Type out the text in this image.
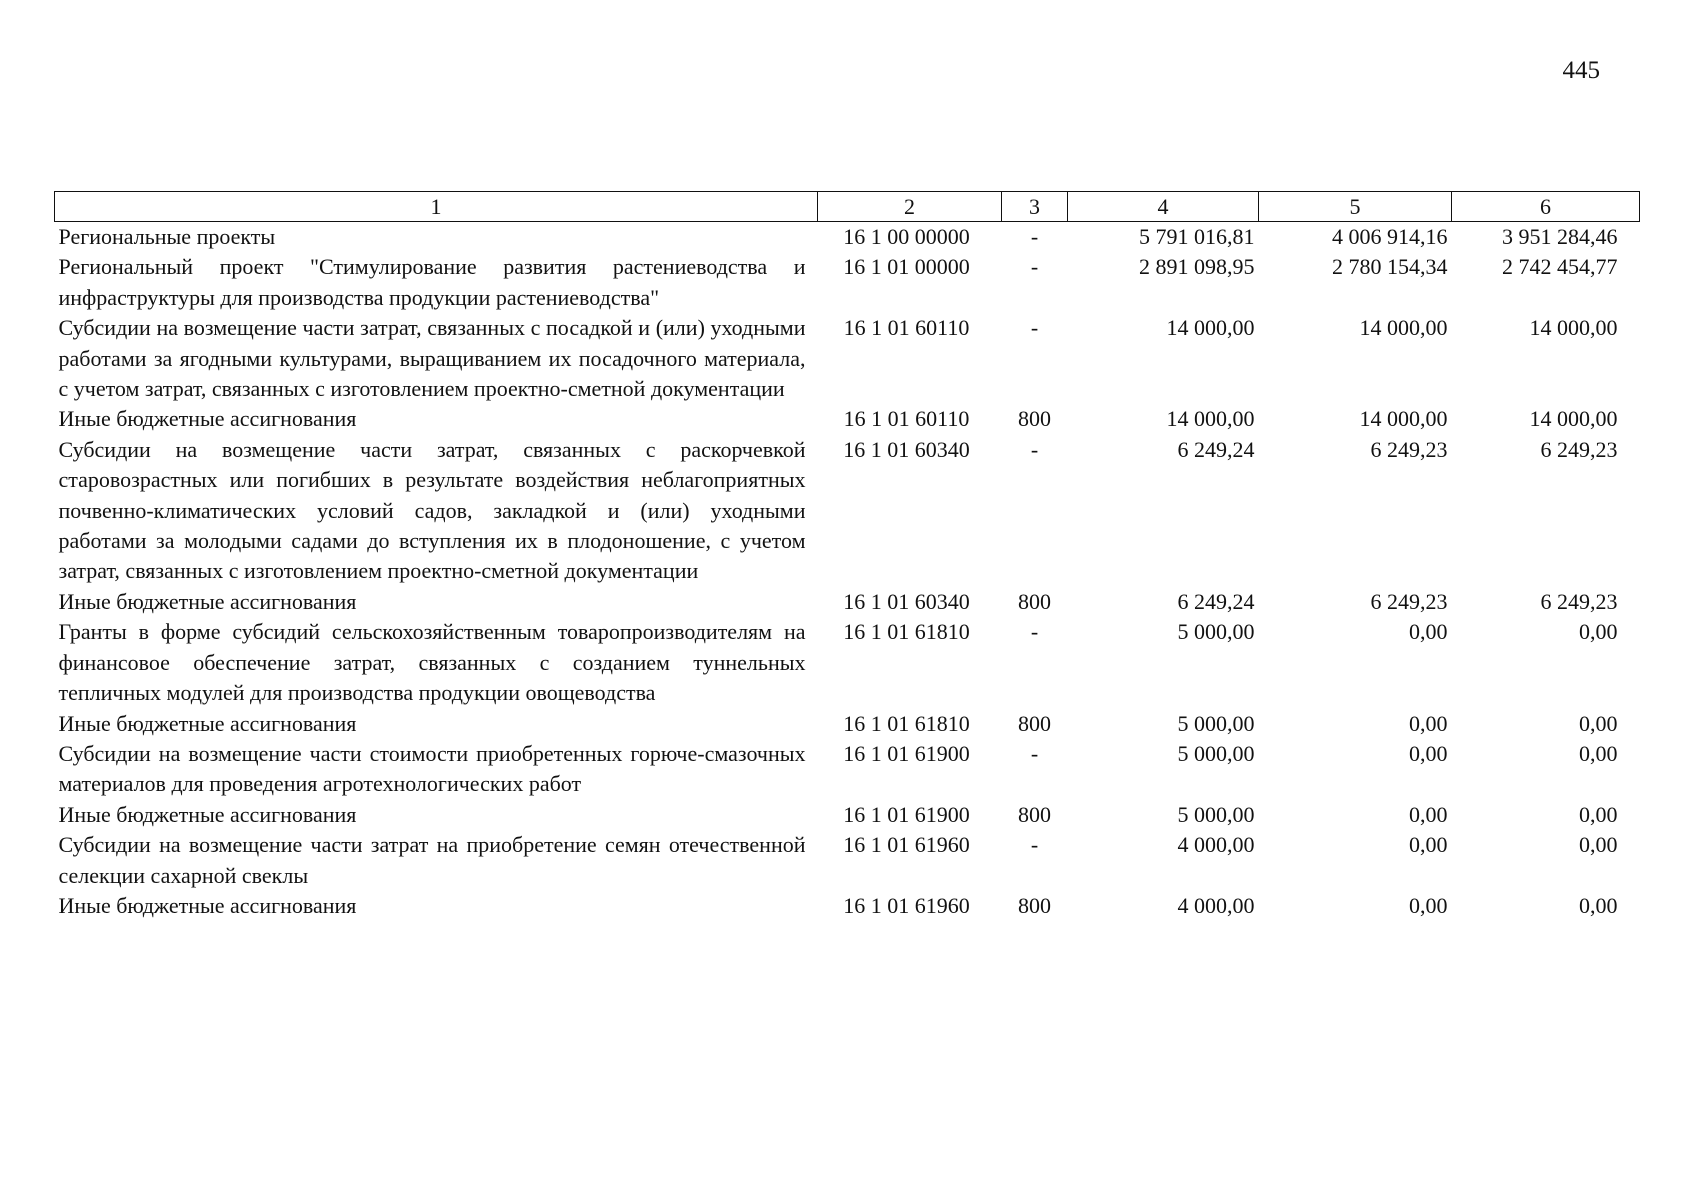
445
1	2	3	4	5	6
Региональные проекты	16 1 00 00000	-	5 791 016,81	4 006 914,16	3 951 284,46
Региональный проект "Стимулирование развития растениеводства и инфраструктуры для производства продукции растениеводства"	16 1 01 00000	-	2 891 098,95	2 780 154,34	2 742 454,77
Субсидии на возмещение части затрат, связанных с посадкой и (или) уходными работами за ягодными культурами, выращиванием их посадочного материала, с учетом затрат, связанных с изготовлением проектно-сметной документации	16 1 01 60110	-	14 000,00	14 000,00	14 000,00
Иные бюджетные ассигнования	16 1 01 60110	800	14 000,00	14 000,00	14 000,00
Субсидии на возмещение части затрат, связанных с раскорчевкой старовозрастных или погибших в результате воздействия неблагоприятных почвенно-климатических условий садов, закладкой и (или) уходными работами за молодыми садами до вступления их в плодоношение, с учетом затрат, связанных с изготовлением проектно-сметной документации	16 1 01 60340	-	6 249,24	6 249,23	6 249,23
Иные бюджетные ассигнования	16 1 01 60340	800	6 249,24	6 249,23	6 249,23
Гранты в форме субсидий сельскохозяйственным товаропроизводителям на финансовое обеспечение затрат, связанных с созданием туннельных тепличных модулей для производства продукции овощеводства	16 1 01 61810	-	5 000,00	0,00	0,00
Иные бюджетные ассигнования	16 1 01 61810	800	5 000,00	0,00	0,00
Субсидии на возмещение части стоимости приобретенных горюче-смазочных материалов для проведения агротехнологических работ	16 1 01 61900	-	5 000,00	0,00	0,00
Иные бюджетные ассигнования	16 1 01 61900	800	5 000,00	0,00	0,00
Субсидии на возмещение части затрат на приобретение семян отечественной селекции сахарной свеклы	16 1 01 61960	-	4 000,00	0,00	0,00
Иные бюджетные ассигнования	16 1 01 61960	800	4 000,00	0,00	0,00
